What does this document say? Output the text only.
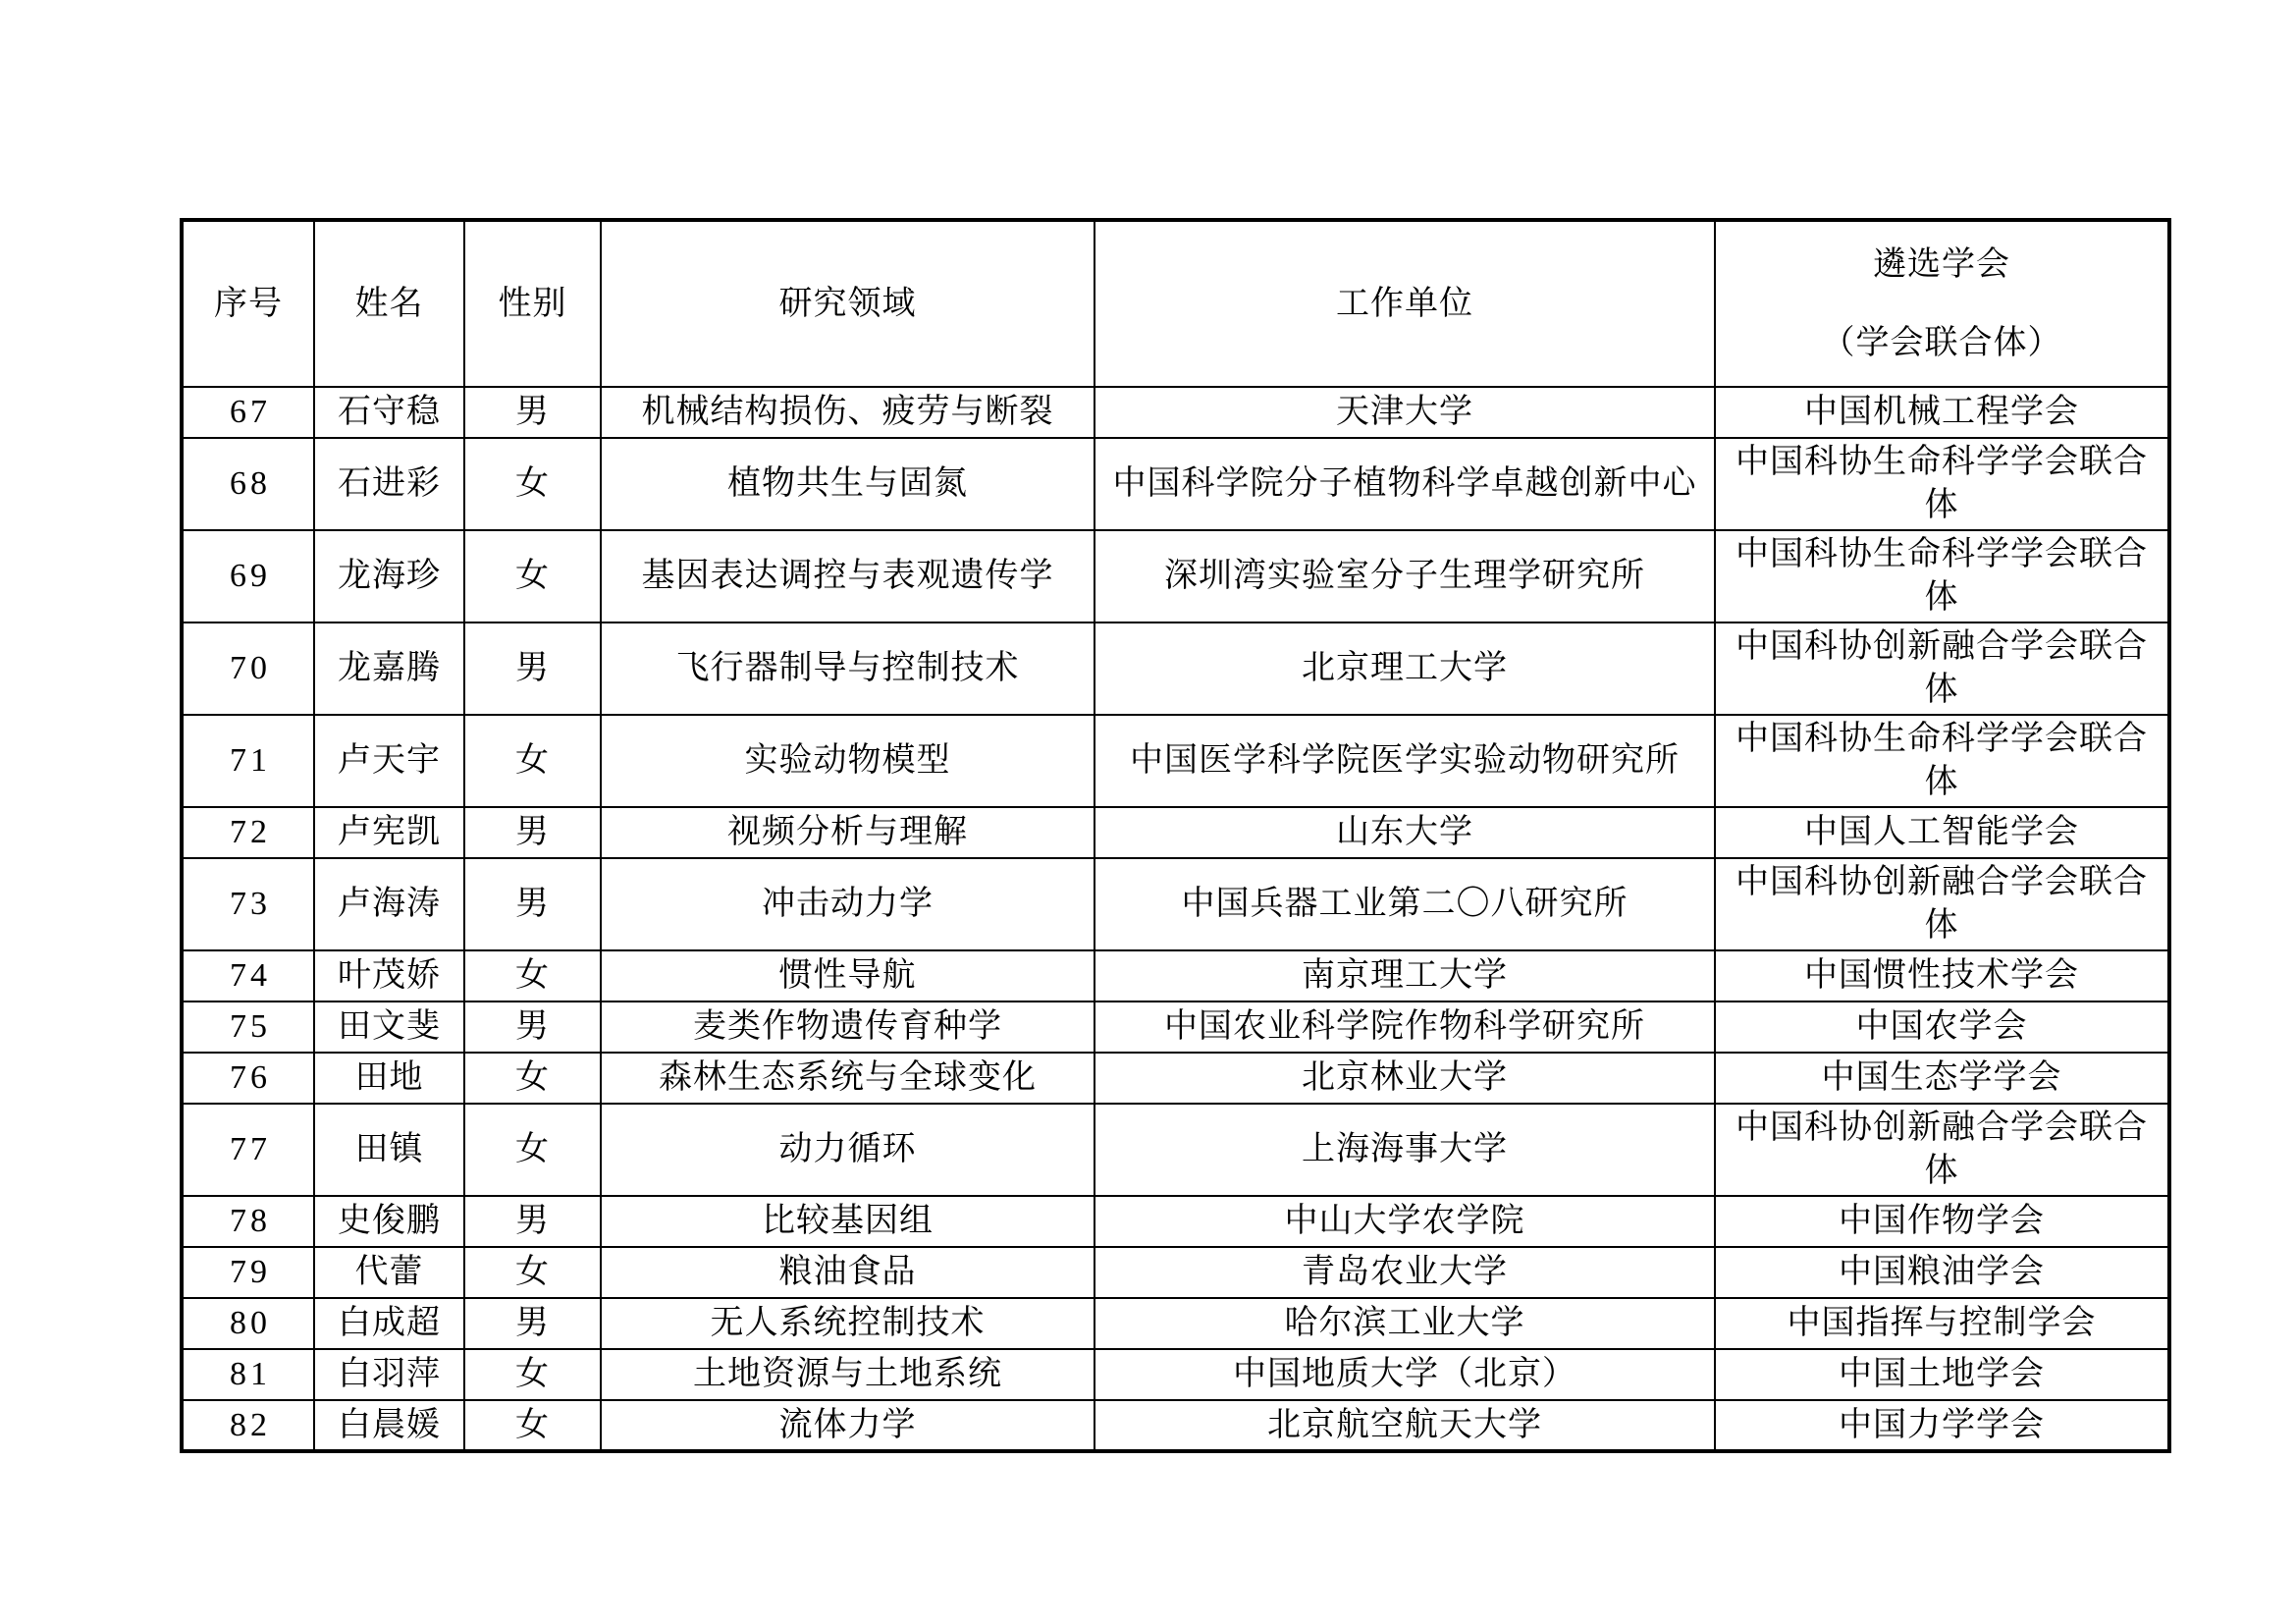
序号	姓名	性别	研究领域	工作单位	遴选学会
（学会联合体）

67	石守稳	男	机械结构损伤、疲劳与断裂	天津大学	中国机械工程学会
68	石进彩	女	植物共生与固氮	中国科学院分子植物科学卓越创新中心	中国科协生命科学学会联合体
69	龙海珍	女	基因表达调控与表观遗传学	深圳湾实验室分子生理学研究所	中国科协生命科学学会联合体
70	龙嘉腾	男	飞行器制导与控制技术	北京理工大学	中国科协创新融合学会联合体
71	卢天宇	女	实验动物模型	中国医学科学院医学实验动物研究所	中国科协生命科学学会联合体
72	卢宪凯	男	视频分析与理解	山东大学	中国人工智能学会
73	卢海涛	男	冲击动力学	中国兵器工业第二〇八研究所	中国科协创新融合学会联合体
74	叶茂娇	女	惯性导航	南京理工大学	中国惯性技术学会
75	田文斐	男	麦类作物遗传育种学	中国农业科学院作物科学研究所	中国农学会
76	田地	女	森林生态系统与全球变化	北京林业大学	中国生态学学会
77	田镇	女	动力循环	上海海事大学	中国科协创新融合学会联合体
78	史俊鹏	男	比较基因组	中山大学农学院	中国作物学会
79	代蕾	女	粮油食品	青岛农业大学	中国粮油学会
80	白成超	男	无人系统控制技术	哈尔滨工业大学	中国指挥与控制学会
81	白羽萍	女	土地资源与土地系统	中国地质大学（北京）	中国土地学会
82	白晨媛	女	流体力学	北京航空航天大学	中国力学学会
